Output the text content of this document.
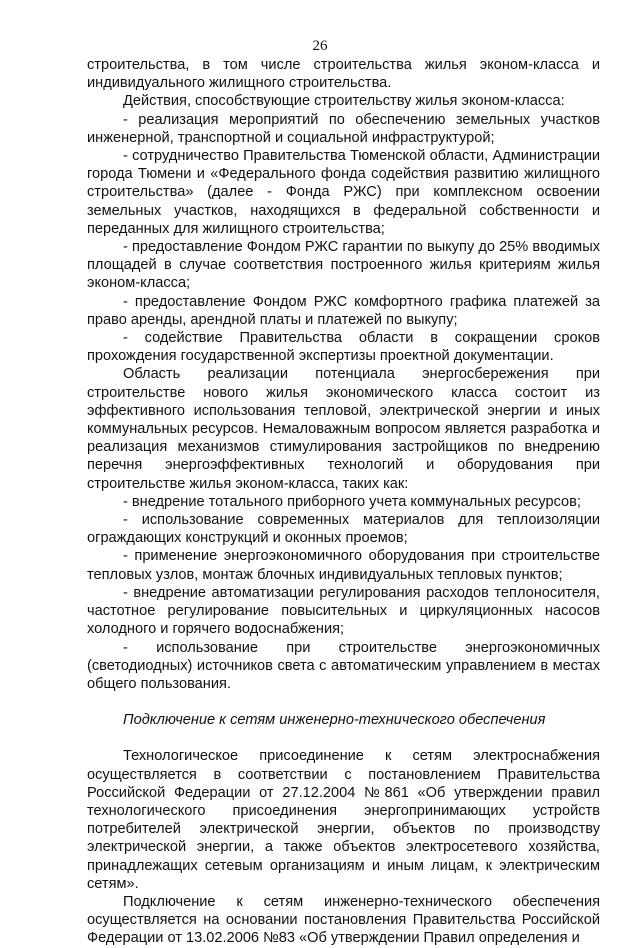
26

строительства, в том числе строительства жилья эконом-класса и индивидуального жилищного строительства.

Действия, способствующие строительству жилья эконом-класса:

- реализация мероприятий по обеспечению земельных участков инженерной, транспортной и социальной инфраструктурой;

- сотрудничество Правительства Тюменской области, Администрации города Тюмени и «Федерального фонда содействия развитию жилищного строительства» (далее - Фонда РЖС) при комплексном освоении земельных участков, находящихся в федеральной собственности и переданных для жилищного строительства;

- предоставление Фондом РЖС гарантии по выкупу до 25% вводимых площадей в случае соответствия построенного жилья критериям жилья эконом-класса;

- предоставление Фондом РЖС комфортного графика платежей за право аренды, арендной платы и платежей по выкупу;

- содействие Правительства области в сокращении сроков прохождения государственной экспертизы проектной документации.

Область реализации потенциала энергосбережения при строительстве нового жилья экономического класса состоит из эффективного использования тепловой, электрической энергии и иных коммунальных ресурсов. Немаловажным вопросом является разработка и реализация механизмов стимулирования застройщиков по внедрению перечня энергоэффективных технологий и оборудования при строительстве жилья эконом-класса, таких как:

- внедрение тотального приборного учета коммунальных ресурсов;

- использование современных материалов для теплоизоляции ограждающих конструкций и оконных проемов;

- применение энергоэкономичного оборудования при строительстве тепловых узлов, монтаж блочных индивидуальных тепловых пунктов;

- внедрение автоматизации регулирования расходов теплоносителя, частотное регулирование повысительных и циркуляционных насосов холодного и горячего водоснабжения;

- использование при строительстве энергоэкономичных (светодиодных) источников света с автоматическим управлением в местах общего пользования.

Подключение к сетям инженерно-технического обеспечения

Технологическое присоединение к сетям электроснабжения осуществляется в соответствии с постановлением Правительства Российской Федерации от 27.12.2004 №861 «Об утверждении правил технологического присоединения энергопринимающих устройств потребителей электрической энергии, объектов по производству электрической энергии, а также объектов электросетевого хозяйства, принадлежащих сетевым организациям и иным лицам, к электрическим сетям».

Подключение к сетям инженерно-технического обеспечения осуществляется на основании постановления Правительства Российской Федерации от 13.02.2006 №83 «Об утверждении Правил определения и
